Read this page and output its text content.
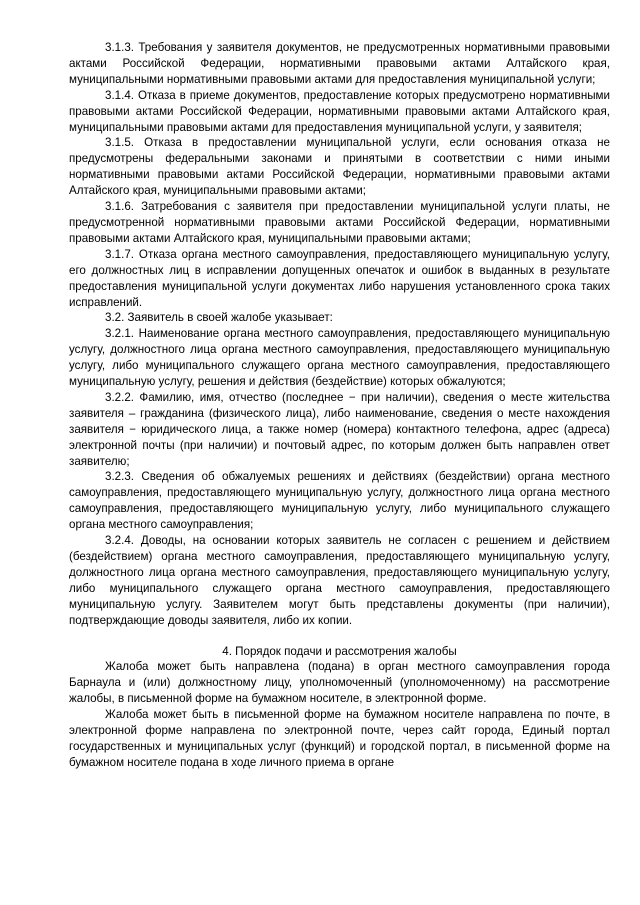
3.1.3. Требования у заявителя документов, не предусмотренных нормативными правовыми актами Российской Федерации, нормативными правовыми актами Алтайского края, муниципальными нормативными правовыми актами для предоставления муниципальной услуги;

3.1.4. Отказа в приеме документов, предоставление которых предусмотрено нормативными правовыми актами Российской Федерации, нормативными правовыми актами Алтайского края, муниципальными правовыми актами для предоставления муниципальной услуги, у заявителя;

3.1.5. Отказа в предоставлении муниципальной услуги, если основания отказа не предусмотрены федеральными законами и принятыми в соответствии с ними иными нормативными правовыми актами Российской Федерации, нормативными правовыми актами Алтайского края, муниципальными правовыми актами;

3.1.6. Затребования с заявителя при предоставлении муниципальной услуги платы, не предусмотренной нормативными правовыми актами Российской Федерации, нормативными правовыми актами Алтайского края, муниципальными правовыми актами;

3.1.7. Отказа органа местного самоуправления, предоставляющего муниципальную услугу, его должностных лиц в исправлении допущенных опечаток и ошибок в выданных в результате предоставления муниципальной услуги документах либо нарушения установленного срока таких исправлений.

3.2. Заявитель в своей жалобе указывает:

3.2.1. Наименование органа местного самоуправления, предоставляющего муниципальную услугу, должностного лица органа местного самоуправления, предоставляющего муниципальную услугу, либо муниципального служащего органа местного самоуправления, предоставляющего муниципальную услугу, решения и действия (бездействие) которых обжалуются;

3.2.2. Фамилию, имя, отчество (последнее − при наличии), сведения о месте жительства заявителя – гражданина (физического лица), либо наименование, сведения о месте нахождения заявителя − юридического лица, а также номер (номера) контактного телефона, адрес (адреса) электронной почты (при наличии) и почтовый адрес, по которым должен быть направлен ответ заявителю;

3.2.3. Сведения об обжалуемых решениях и действиях (бездействии) органа местного самоуправления, предоставляющего муниципальную услугу, должностного лица органа местного самоуправления, предоставляющего муниципальную услугу, либо муниципального служащего органа местного самоуправления;

3.2.4. Доводы, на основании которых заявитель не согласен с решением и действием (бездействием) органа местного самоуправления, предоставляющего муниципальную услугу, должностного лица органа местного самоуправления, предоставляющего муниципальную услугу, либо муниципального служащего органа местного самоуправления, предоставляющего муниципальную услугу. Заявителем могут быть представлены документы (при наличии), подтверждающие доводы заявителя, либо их копии.

4. Порядок подачи и рассмотрения жалобы

Жалоба может быть направлена (подана) в орган местного самоуправления города Барнаула и (или) должностному лицу, уполномоченный (уполномоченному) на рассмотрение жалобы, в письменной форме на бумажном носителе, в электронной форме.

Жалоба может быть в письменной форме на бумажном носителе направлена по почте, в электронной форме направлена по электронной почте, через сайт города, Единый портал государственных и муниципальных услуг (функций) и городской портал, в письменной форме на бумажном носителе подана в ходе личного приема в органе
